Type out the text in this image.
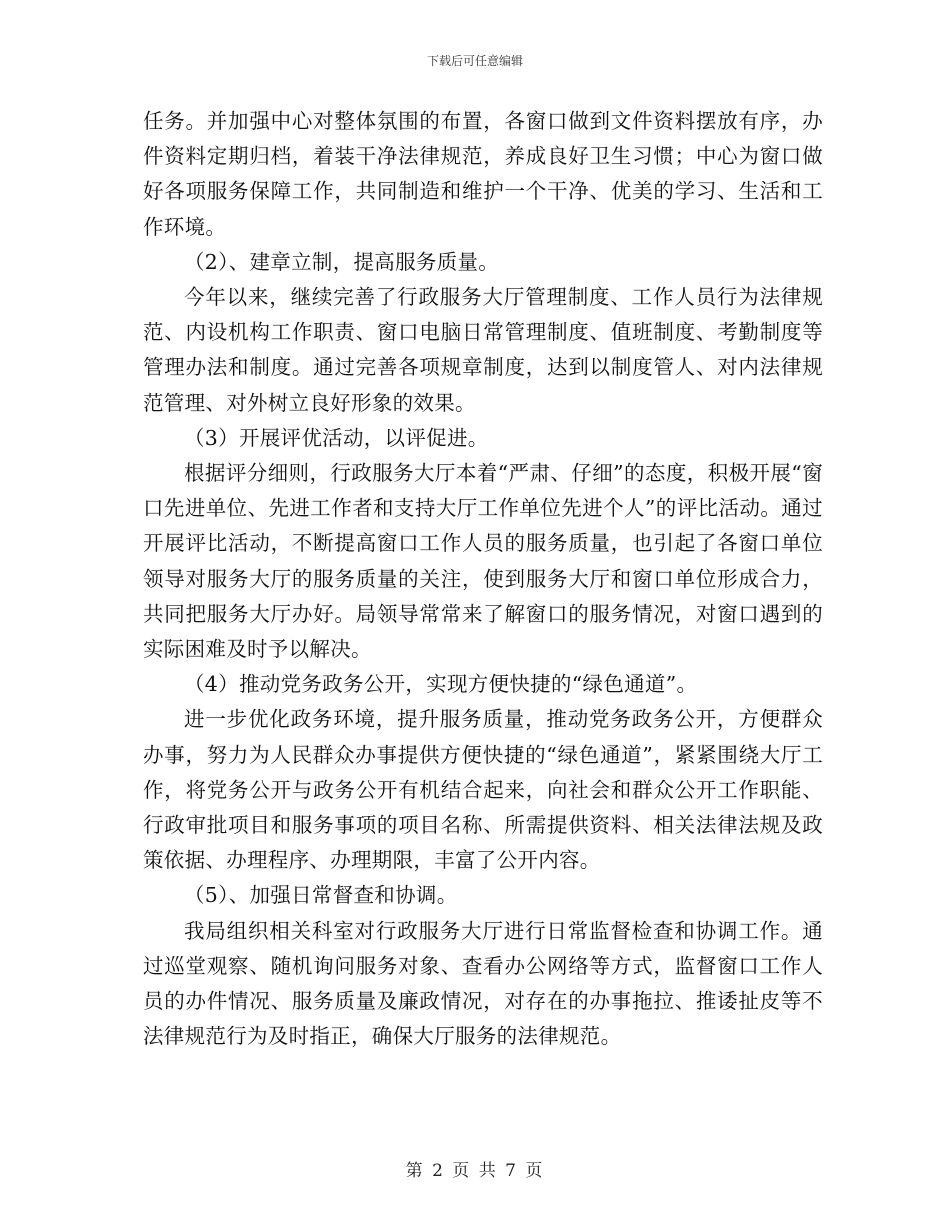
下载后可任意编辑

任务。并加强中心对整体氛围的布置，各窗口做到文件资料摆放有序，办件资料定期归档，着装干净法律规范，养成良好卫生习惯；中心为窗口做好各项服务保障工作，共同制造和维护一个干净、优美的学习、生活和工作环境。

（2）、建章立制，提高服务质量。

今年以来，继续完善了行政服务大厅管理制度、工作人员行为法律规范、内设机构工作职责、窗口电脑日常管理制度、值班制度、考勤制度等管理办法和制度。通过完善各项规章制度，达到以制度管人、对内法律规范管理、对外树立良好形象的效果。

（3）开展评优活动，以评促进。

根据评分细则，行政服务大厅本着“严肃、仔细”的态度，积极开展“窗口先进单位、先进工作者和支持大厅工作单位先进个人”的评比活动。通过开展评比活动，不断提高窗口工作人员的服务质量，也引起了各窗口单位领导对服务大厅的服务质量的关注，使到服务大厅和窗口单位形成合力，共同把服务大厅办好。局领导常常来了解窗口的服务情况，对窗口遇到的实际困难及时予以解决。

（4）推动党务政务公开，实现方便快捷的“绿色通道”。

进一步优化政务环境，提升服务质量，推动党务政务公开，方便群众办事，努力为人民群众办事提供方便快捷的“绿色通道”，紧紧围绕大厅工作，将党务公开与政务公开有机结合起来，向社会和群众公开工作职能、行政审批项目和服务事项的项目名称、所需提供资料、相关法律法规及政策依据、办理程序、办理期限，丰富了公开内容。

（5）、加强日常督查和协调。

我局组织相关科室对行政服务大厅进行日常监督检查和协调工作。通过巡堂观察、随机询问服务对象、查看办公网络等方式，监督窗口工作人员的办件情况、服务质量及廉政情况，对存在的办事拖拉、推诿扯皮等不法律规范行为及时指正，确保大厅服务的法律规范。

第 2 页 共 7 页
